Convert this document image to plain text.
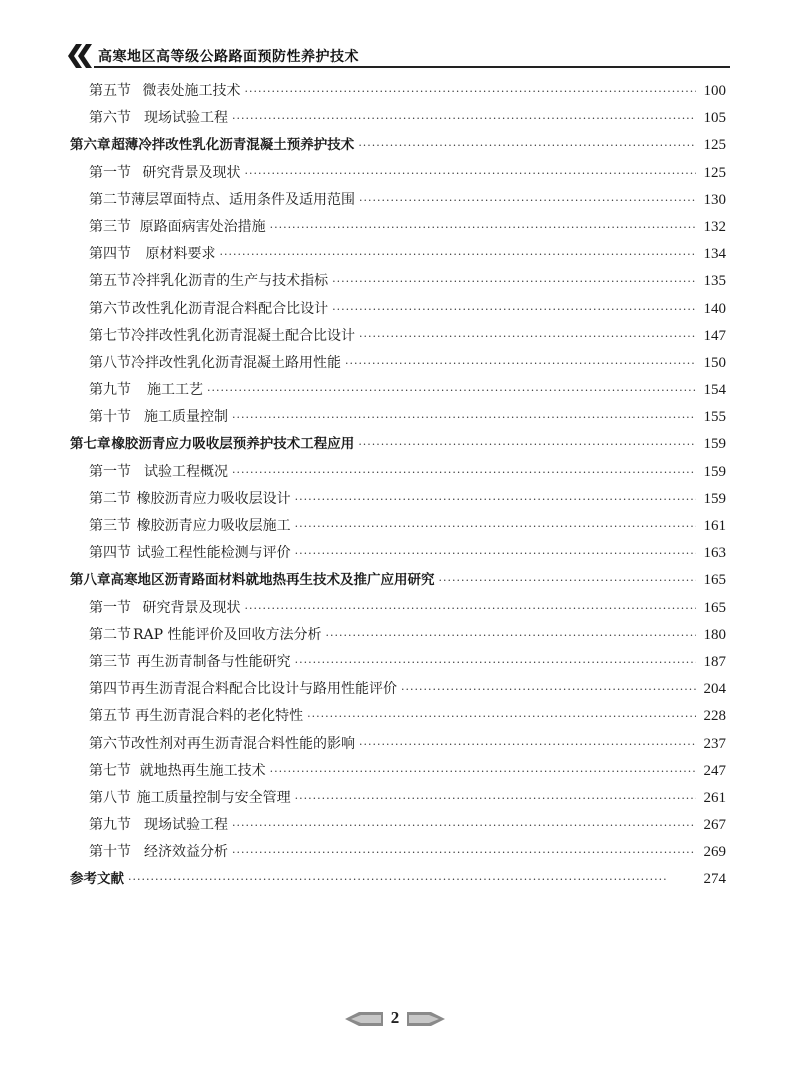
高寒地区高等级公路路面预防性养护技术
第五节 微表处施工技术 ·····	100
第六节 现场试验工程 ·····	105
第六章 超薄冷拌改性乳化沥青混凝土预养护技术 ·····	125
第一节 研究背景及现状 ·····	125
第二节 薄层罩面特点、适用条件及适用范围 ·····	130
第三节 原路面病害处治措施 ·····	132
第四节	原材料要求 ·····	134
第五节 冷拌乳化沥青的生产与技术指标 ·····	135
第六节 改性乳化沥青混合料配合比设计 ·····	140
第七节 冷拌改性乳化沥青混凝土配合比设计 ·····	147
第八节 冷拌改性乳化沥青混凝土路用性能 ·····	150
第九节	施工工艺 ·····	154
第十节 施工质量控制 ·····	155
第七章 橡胶沥青应力吸收层预养护技术工程应用 ·····	159
第一节 试验工程概况 ·····	159
第二节 橡胶沥青应力吸收层设计 ·····	159
第三节 橡胶沥青应力吸收层施工 ·····	161
第四节 试验工程性能检测与评价 ·····	163
第八章 高寒地区沥青路面材料就地热再生技术及推广应用研究 ·····	165
第一节 研究背景及现状 ·····	165
第二节 RAP 性能评价及回收方法分析 ·····	180
第三节 再生沥青制备与性能研究 ·····	187
第四节 再生沥青混合料配合比设计与路用性能评价 ·····	204
第五节 再生沥青混合料的老化特性 ·····	228
第六节 改性剂对再生沥青混合料性能的影响 ·····	237
第七节 就地热再生施工技术 ·····	247
第八节 施工质量控制与安全管理 ·····	261
第九节 现场试验工程 ·····	267
第十节 经济效益分析 ·····	269
参考文献 ·····	274
2
